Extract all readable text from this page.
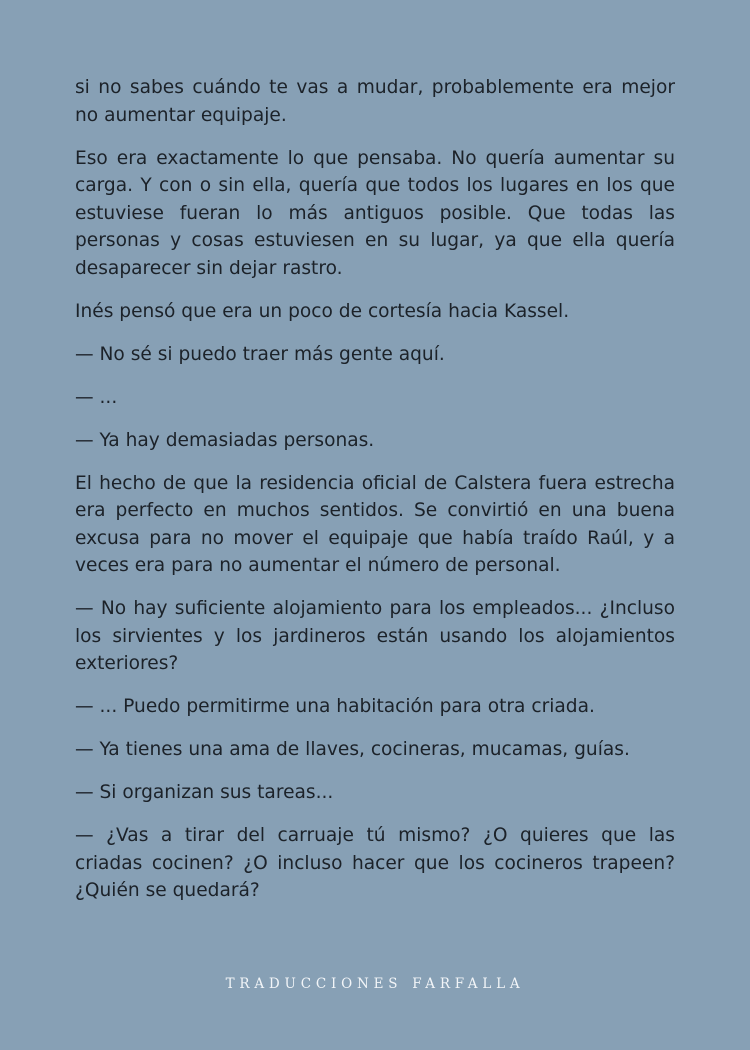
si no sabes cuándo te vas a mudar, probablemente era mejor no aumentar equipaje.

Eso era exactamente lo que pensaba. No quería aumentar su carga. Y con o sin ella, quería que todos los lugares en los que estuviese fueran lo más antiguos posible. Que todas las personas y cosas estuviesen en su lugar, ya que ella quería desaparecer sin dejar rastro.

Inés pensó que era un poco de cortesía hacia Kassel.

— No sé si puedo traer más gente aquí.

— ...

— Ya hay demasiadas personas.

El hecho de que la residencia oficial de Calstera fuera estrecha era perfecto en muchos sentidos. Se convirtió en una buena excusa para no mover el equipaje que había traído Raúl, y a veces era para no aumentar el número de personal.

— No hay suficiente alojamiento para los empleados... ¿Incluso los sirvientes y los jardineros están usando los alojamientos exteriores?

— ... Puedo permitirme una habitación para otra criada.

— Ya tienes una ama de llaves, cocineras, mucamas, guías.

— Si organizan sus tareas...

— ¿Vas a tirar del carruaje tú mismo? ¿O quieres que las criadas cocinen? ¿O incluso hacer que los cocineros trapeen? ¿Quién se quedará?

TRADUCCIONES FARFALLA
